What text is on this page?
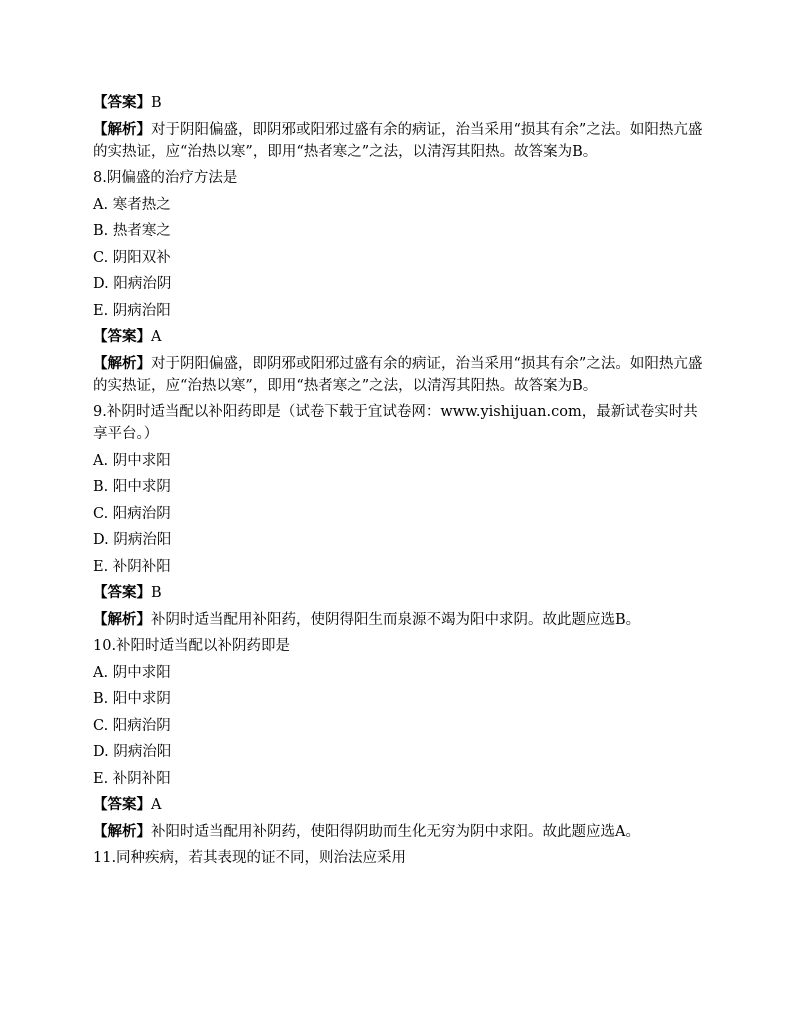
【答案】B

【解析】对于阴阳偏盛，即阴邪或阳邪过盛有余的病证，治当采用“损其有余”之法。如阳热亢盛的实热证，应“治热以寒”，即用“热者寒之”之法，以清泻其阳热。故答案为B。

8.阴偏盛的治疗方法是

A. 寒者热之

B. 热者寒之

C. 阴阳双补

D. 阳病治阴

E. 阴病治阳

【答案】A

【解析】对于阴阳偏盛，即阴邪或阳邪过盛有余的病证，治当采用“损其有余”之法。如阳热亢盛的实热证，应“治热以寒”，即用“热者寒之”之法，以清泻其阳热。故答案为B。

9.补阴时适当配以补阳药即是（试卷下载于宜试卷网：www.yishijuan.com，最新试卷实时共享平台。）

A. 阴中求阳

B. 阳中求阴

C. 阳病治阴

D. 阴病治阳

E. 补阴补阳

【答案】B

【解析】补阴时适当配用补阳药，使阴得阳生而泉源不竭为阳中求阴。故此题应选B。

10.补阳时适当配以补阴药即是

A. 阴中求阳

B. 阳中求阴

C. 阳病治阴

D. 阴病治阳

E. 补阴补阳

【答案】A

【解析】补阳时适当配用补阴药，使阳得阴助而生化无穷为阴中求阳。故此题应选A。

11.同种疾病，若其表现的证不同，则治法应采用
